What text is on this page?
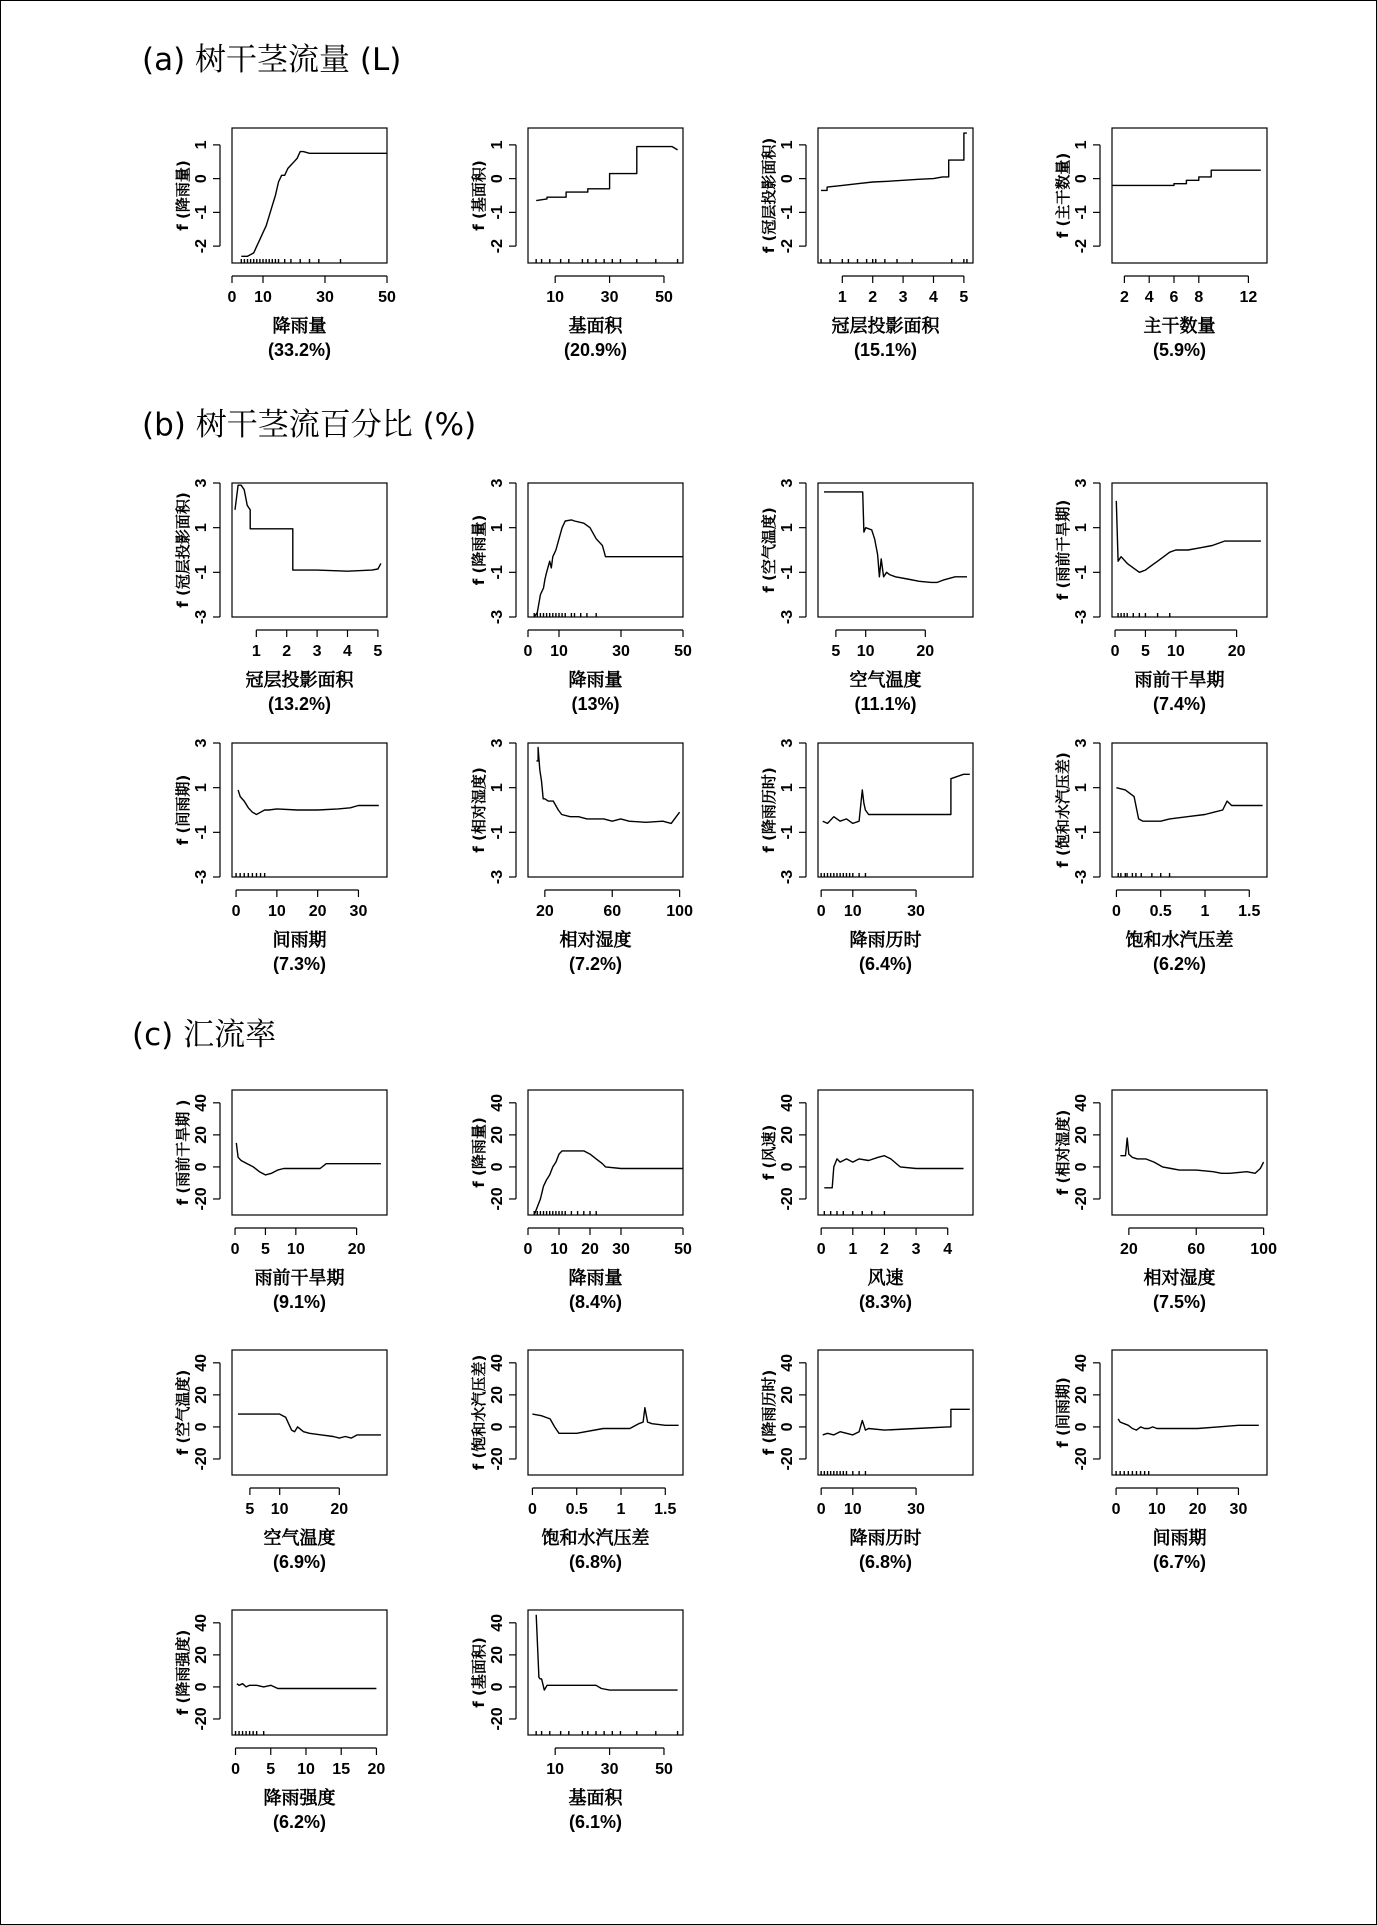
(a) 树干茎流量 (L)
(b) 树干茎流百分比 (%)
(c) 汇流率
-2
-1
0
1
0 10	30	50
f (降雨量)
降雨量
(33.2%)
-2
-1
0
1
10 30 50
f (基面积)
基面积
(20.9%)
-2
-1
0
1
1 2 3 4 5
f (冠层投影面积)
冠层投影面积
(15.1%)
-2
-1
0
1
2 4 6 8 12
f (主干数量)
主干数量
(5.9%)
-3
-1
1
3
1 2 3 4 5
f (冠层投影面积)
冠层投影面积
(13.2%)
-3
-1
1
3
0 10	30	50
f (降雨量)
降雨量
(13%)
-3
-1
1
3
5 10	20
f (空气温度)
空气温度
(11.1%)
-3
-1
1
3
0 5 10	20
f (雨前干旱期)
雨前干旱期
(7.4%)
-3
-1
1
3
0 10 20 30
f (间雨期)
间雨期
(7.3%)
-3
-1
1
3
20	60	100
f (相对湿度)
相对湿度
(7.2%)
-3
-1
1
3
0 10	30
f (降雨历时)
降雨历时
(6.4%)
-3
-1
1
3
0 0.5 1 1.5
f (饱和水汽压差)
饱和水汽压差
(6.2%)
-20
0
20
40
0 5 10	20
f (雨前干旱期 )
雨前干旱期
(9.1%)
-20
0
20
40
0 10 20 30	50
f (降雨量)
降雨量
(8.4%)
-20
0
20
40
0 1 2 3 4
f (风速)
风速
(8.3%)
-20
0
20
40
20	60	100
f (相对湿度)
相对湿度
(7.5%)
-20
0
20
40
5 10	20
f (空气温度)
空气温度
(6.9%)
-20
0
20
40
0 0.5 1 1.5
f (饱和水汽压差)
饱和水汽压差
(6.8%)
-20
0
20
40
0 10	30
f (降雨历时)
降雨历时
(6.8%)
-20
0
20
40
0 10 20 30
f (间雨期)
间雨期
(6.7%)
-20
0
20
40
0 5 10 15 20
f (降雨强度)
降雨强度
(6.2%)
-20
0
20
40
10 30 50
f (基面积)
基面积
(6.1%)
